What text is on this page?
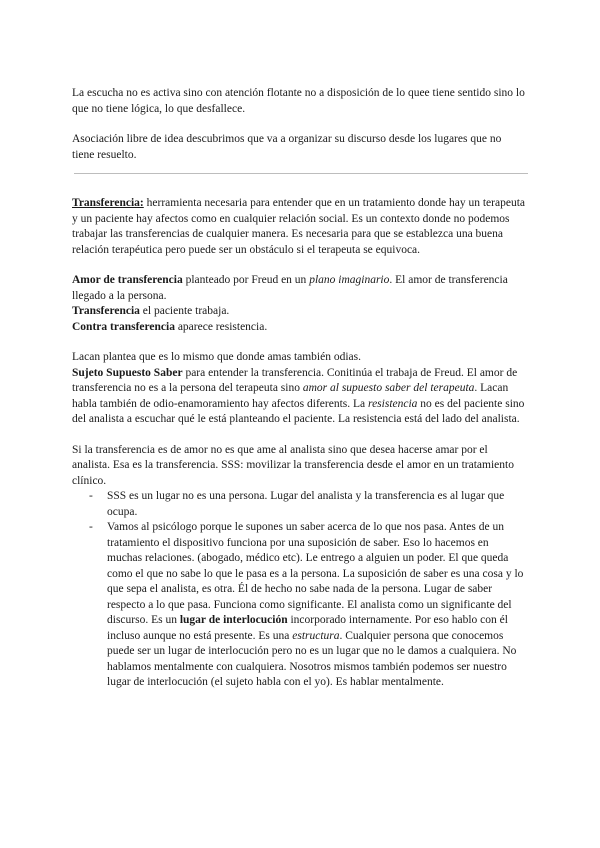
La escucha no es activa sino con atención flotante no a disposición de lo quee tiene sentido sino lo que no tiene lógica, lo que desfallece.

Asociación libre de idea descubrimos que va a organizar su discurso desde los lugares que no tiene resuelto.

Transferencia: herramienta necesaria para entender que en un tratamiento donde hay un terapeuta y un paciente hay afectos como en cualquier relación social. Es un contexto donde no podemos trabajar las transferencias de cualquier manera. Es necesaria para que se establezca una buena relación terapéutica pero puede ser un obstáculo si el terapeuta se equivoca.

Amor de transferencia planteado por Freud en un plano imaginario. El amor de transferencia llegado a la persona.

Transferencia el paciente trabaja.

Contra transferencia aparece resistencia.

Lacan plantea que es lo mismo que donde amas también odias.

Sujeto Supuesto Saber para entender la transferencia. Conitinúa el trabaja de Freud. El amor de transferencia no es a la persona del terapeuta sino amor al supuesto saber del terapeuta. Lacan habla también de odio-enamoramiento hay afectos diferents. La resistencia no es del paciente sino del analista a escuchar qué le está planteando el paciente. La resistencia está del lado del analista.

Si la transferencia es de amor no es que ame al analista sino que desea hacerse amar por el analista. Esa es la transferencia. SSS: movilizar la transferencia desde el amor en un tratamiento clínico.

- SSS es un lugar no es una persona. Lugar del analista y la transferencia es al lugar que ocupa.
- Vamos al psicólogo porque le supones un saber acerca de lo que nos pasa. Antes de un tratamiento el dispositivo funciona por una suposición de saber. Eso lo hacemos en muchas relaciones. (abogado, médico etc). Le entrego a alguien un poder. El que queda como el que no sabe lo que le pasa es a la persona. La suposición de saber es una cosa y lo que sepa el analista, es otra. Él de hecho no sabe nada de la persona. Lugar de saber respecto a lo que pasa. Funciona como significante. El analista como un significante del discurso. Es un lugar de interlocución incorporado internamente. Por eso hablo con él incluso aunque no está presente. Es una estructura. Cualquier persona que conocemos puede ser un lugar de interlocución pero no es un lugar que no le damos a cualquiera. No hablamos mentalmente con cualquiera. Nosotros mismos también podemos ser nuestro lugar de interlocución (el sujeto habla con el yo). Es hablar mentalmente.
